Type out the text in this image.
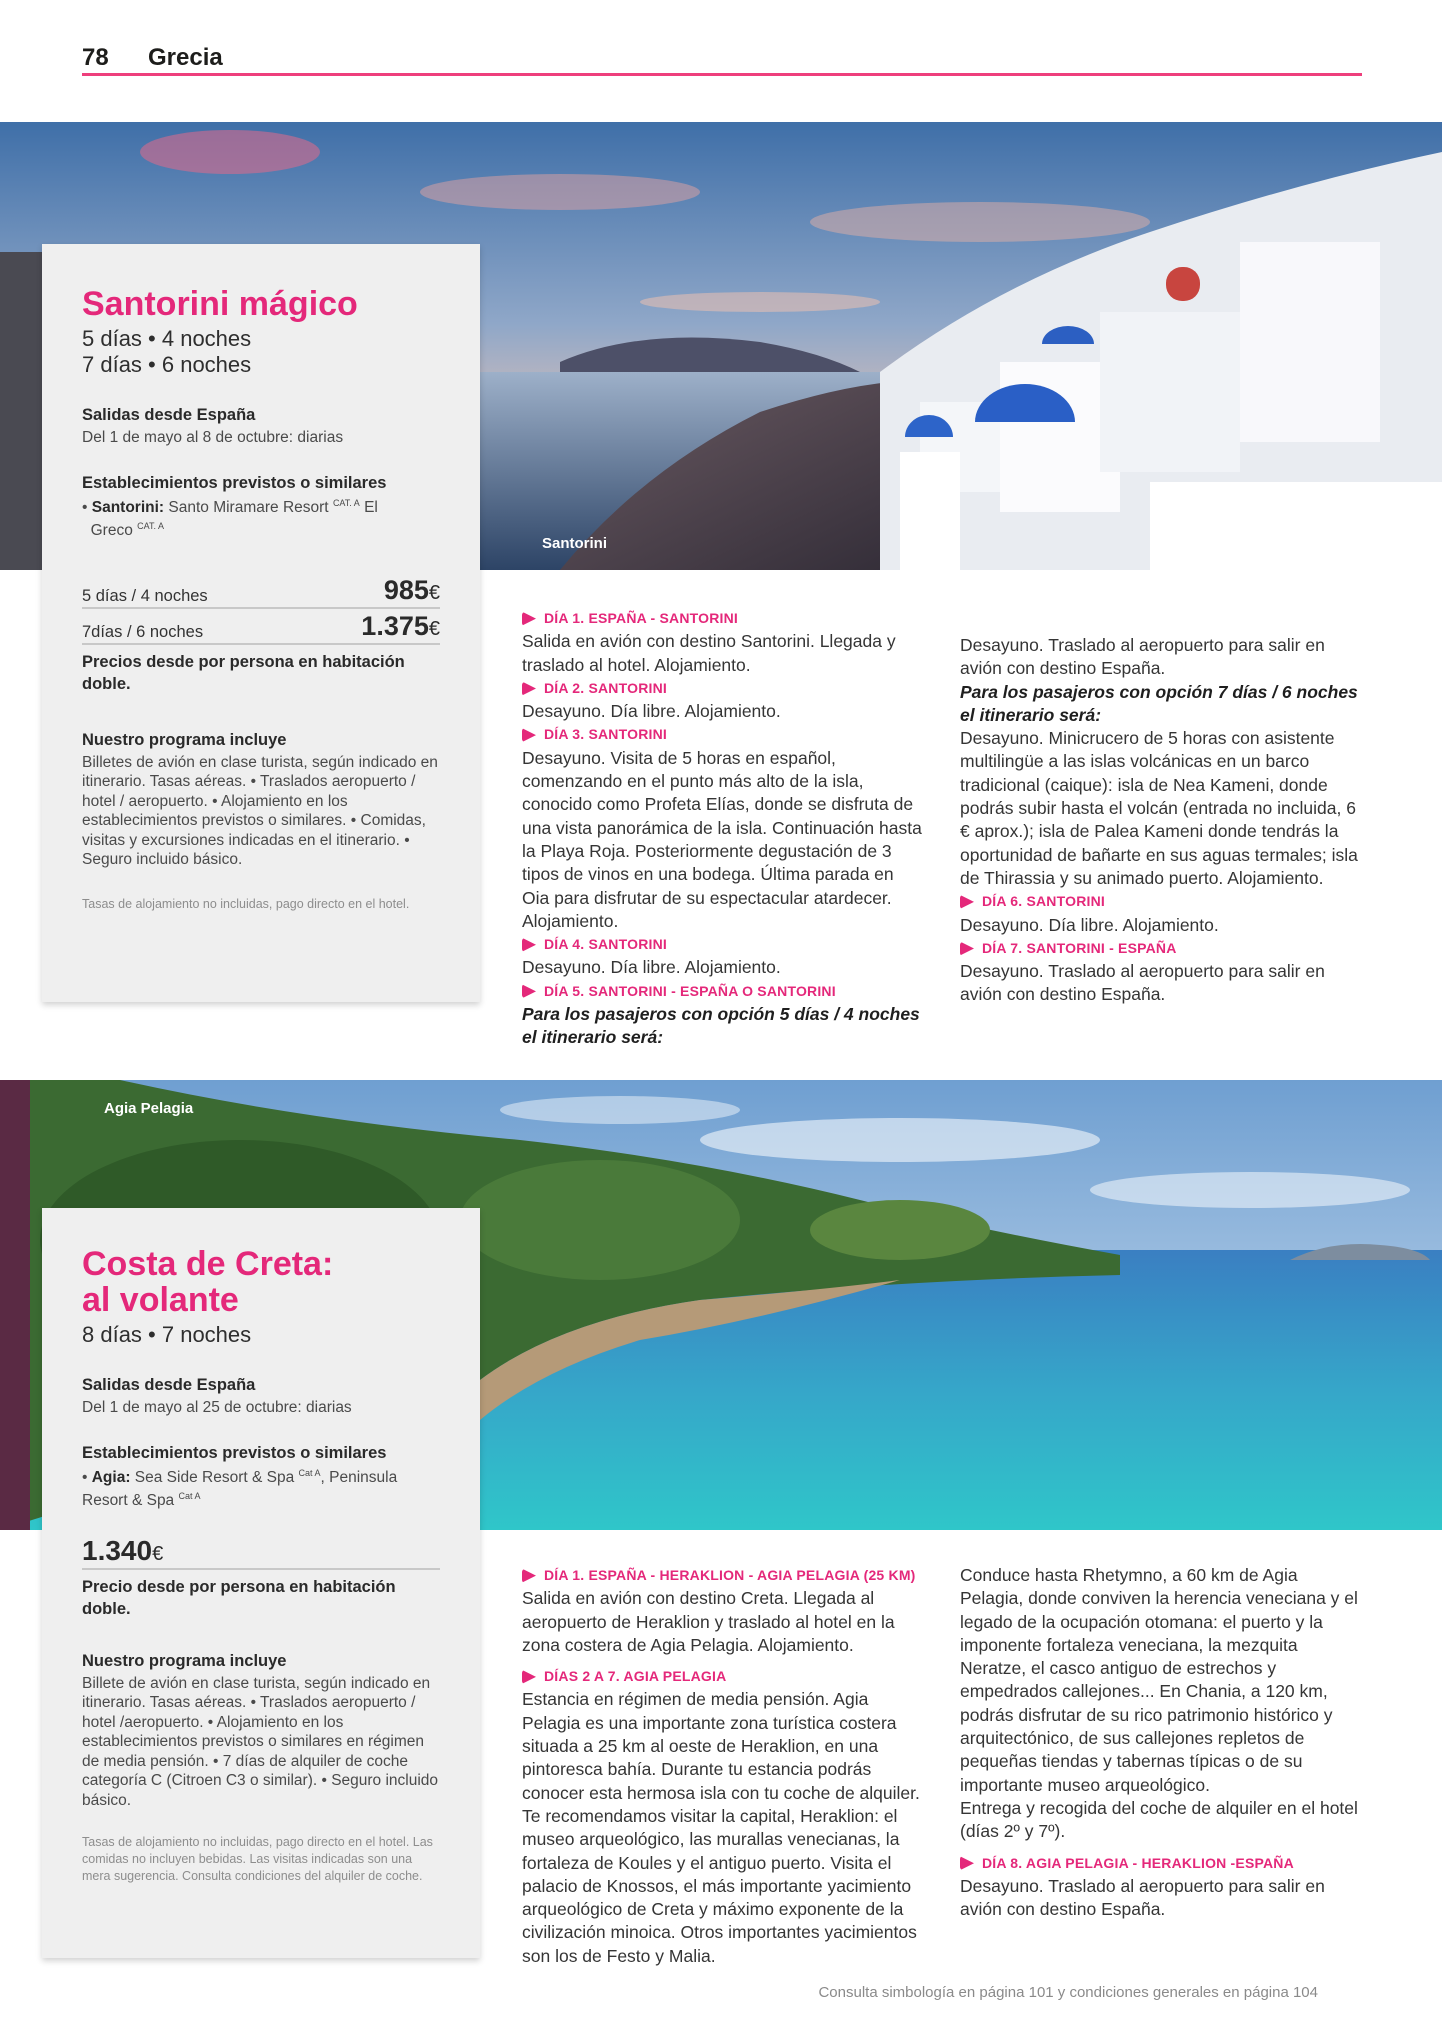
78 Grecia
Santorini
Santorini mágico
5 días • 4 noches
7 días • 6 noches
Salidas desde España
Del 1 de mayo al 8 de octubre: diarias
Establecimientos previstos o similares
• Santorini: Santo Miramare Resort $^{CAT. A}$ El
Greco $^{CAT. A}$
5 días / 4 noches	985€
7días / 6 noches	1.375€
Precios desde por persona en habitación doble.
Nuestro programa incluye
Billetes de avión en clase turista, según indicado en itinerario. Tasas aéreas. • Traslados aeropuerto / hotel / aeropuerto. • Alojamiento en los establecimientos previstos o similares. • Comidas, visitas y excursiones indicadas en el itinerario. • Seguro incluido básico.
Tasas de alojamiento no incluidas, pago directo en el hotel.
DÍA 1. ESPAÑA - SANTORINI

Salida en avión con destino Santorini. Llegada y traslado al hotel. Alojamiento.

DÍA 2. SANTORINI

Desayuno. Día libre. Alojamiento.

DÍA 3. SANTORINI

Desayuno. Visita de 5 horas en español, comenzando en el punto más alto de la isla, conocido como Profeta Elías, donde se disfruta de una vista panorámica de la isla. Continuación hasta la Playa Roja. Posteriormente degustación de 3 tipos de vinos en una bodega. Última parada en Oia para disfrutar de su espectacular atardecer. Alojamiento.

DÍA 4. SANTORINI

Desayuno. Día libre. Alojamiento.

DÍA 5. SANTORINI - ESPAÑA O SANTORINI

Para los pasajeros con opción 5 días / 4 noches el itinerario será:

Desayuno. Traslado al aeropuerto para salir en avión con destino España.

Para los pasajeros con opción 7 días / 6 noches el itinerario será:

Desayuno. Minicrucero de 5 horas con asistente multilingüe a las islas volcánicas en un barco tradicional (caique): isla de Nea Kameni, donde podrás subir hasta el volcán (entrada no incluida, 6 € aprox.); isla de Palea Kameni donde tendrás la oportunidad de bañarte en sus aguas termales; isla de Thirassia y su animado puerto. Alojamiento.

DÍA 6. SANTORINI

Desayuno. Día libre. Alojamiento.

DÍA 7. SANTORINI - ESPAÑA

Desayuno. Traslado al aeropuerto para salir en avión con destino España.

Agia Pelagia
Costa de Creta:
al volante
8 días • 7 noches
Salidas desde España
Del 1 de mayo al 25 de octubre: diarias
Establecimientos previstos o similares
• Agia: Sea Side Resort & Spa $^{Cat A}$, Peninsula Resort & Spa $^{Cat A}$
1.340€
Precio desde por persona en habitación doble.
Nuestro programa incluye
Billete de avión en clase turista, según indicado en itinerario. Tasas aéreas. • Traslados aeropuerto / hotel /aeropuerto. • Alojamiento en los establecimientos previstos o similares en régimen de media pensión. • 7 días de alquiler de coche categoría C (Citroen C3 o similar). • Seguro incluido básico.
Tasas de alojamiento no incluidas, pago directo en el hotel. Las comidas no incluyen bebidas. Las visitas indicadas son una mera sugerencia. Consulta condiciones del alquiler de coche.
DÍA 1. ESPAÑA - HERAKLION - AGIA PELAGIA (25 KM)

Salida en avión con destino Creta. Llegada al aeropuerto de Heraklion y traslado al hotel en la zona costera de Agia Pelagia. Alojamiento.

DÍAS 2 A 7. AGIA PELAGIA

Estancia en régimen de media pensión. Agia Pelagia es una importante zona turística costera situada a 25 km al oeste de Heraklion, en una pintoresca bahía. Durante tu estancia podrás conocer esta hermosa isla con tu coche de alquiler. Te recomendamos visitar la capital, Heraklion: el museo arqueológico, las murallas venecianas, la fortaleza de Koules y el antiguo puerto. Visita el palacio de Knossos, el más importante yacimiento arqueológico de Creta y máximo exponente de la civilización minoica. Otros importantes yacimientos son los de Festo y Malia.

Conduce hasta Rhetymno, a 60 km de Agia Pelagia, donde conviven la herencia veneciana y el legado de la ocupación otomana: el puerto y la imponente fortaleza veneciana, la mezquita Neratze, el casco antiguo de estrechos y empedrados callejones... En Chania, a 120 km, podrás disfrutar de su rico patrimonio histórico y arquitectónico, de sus callejones repletos de pequeñas tiendas y tabernas típicas o de su importante museo arqueológico.

Entrega y recogida del coche de alquiler en el hotel (días 2º y 7º).

DÍA 8. AGIA PELAGIA - HERAKLION -ESPAÑA

Desayuno. Traslado al aeropuerto para salir en avión con destino España.

Consulta simbología en página 101 y condiciones generales en página 104
